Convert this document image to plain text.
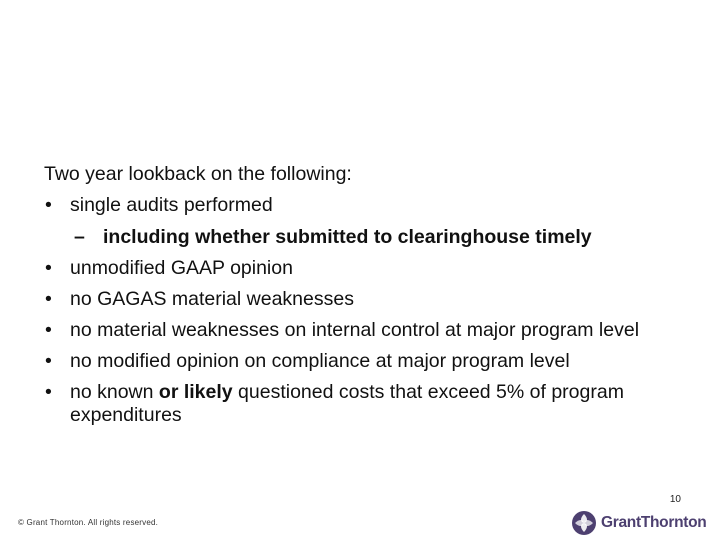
Two year lookback on the following:

• single audits performed
– including whether submitted to clearinghouse timely
• unmodified GAAP opinion
• no GAGAS material weaknesses
• no material weaknesses on internal control at major program level
• no modified opinion on compliance at major program level
• no known or likely questioned costs that exceed 5% of program expenditures
10
© Grant Thornton. All rights reserved.	GrantThornton
